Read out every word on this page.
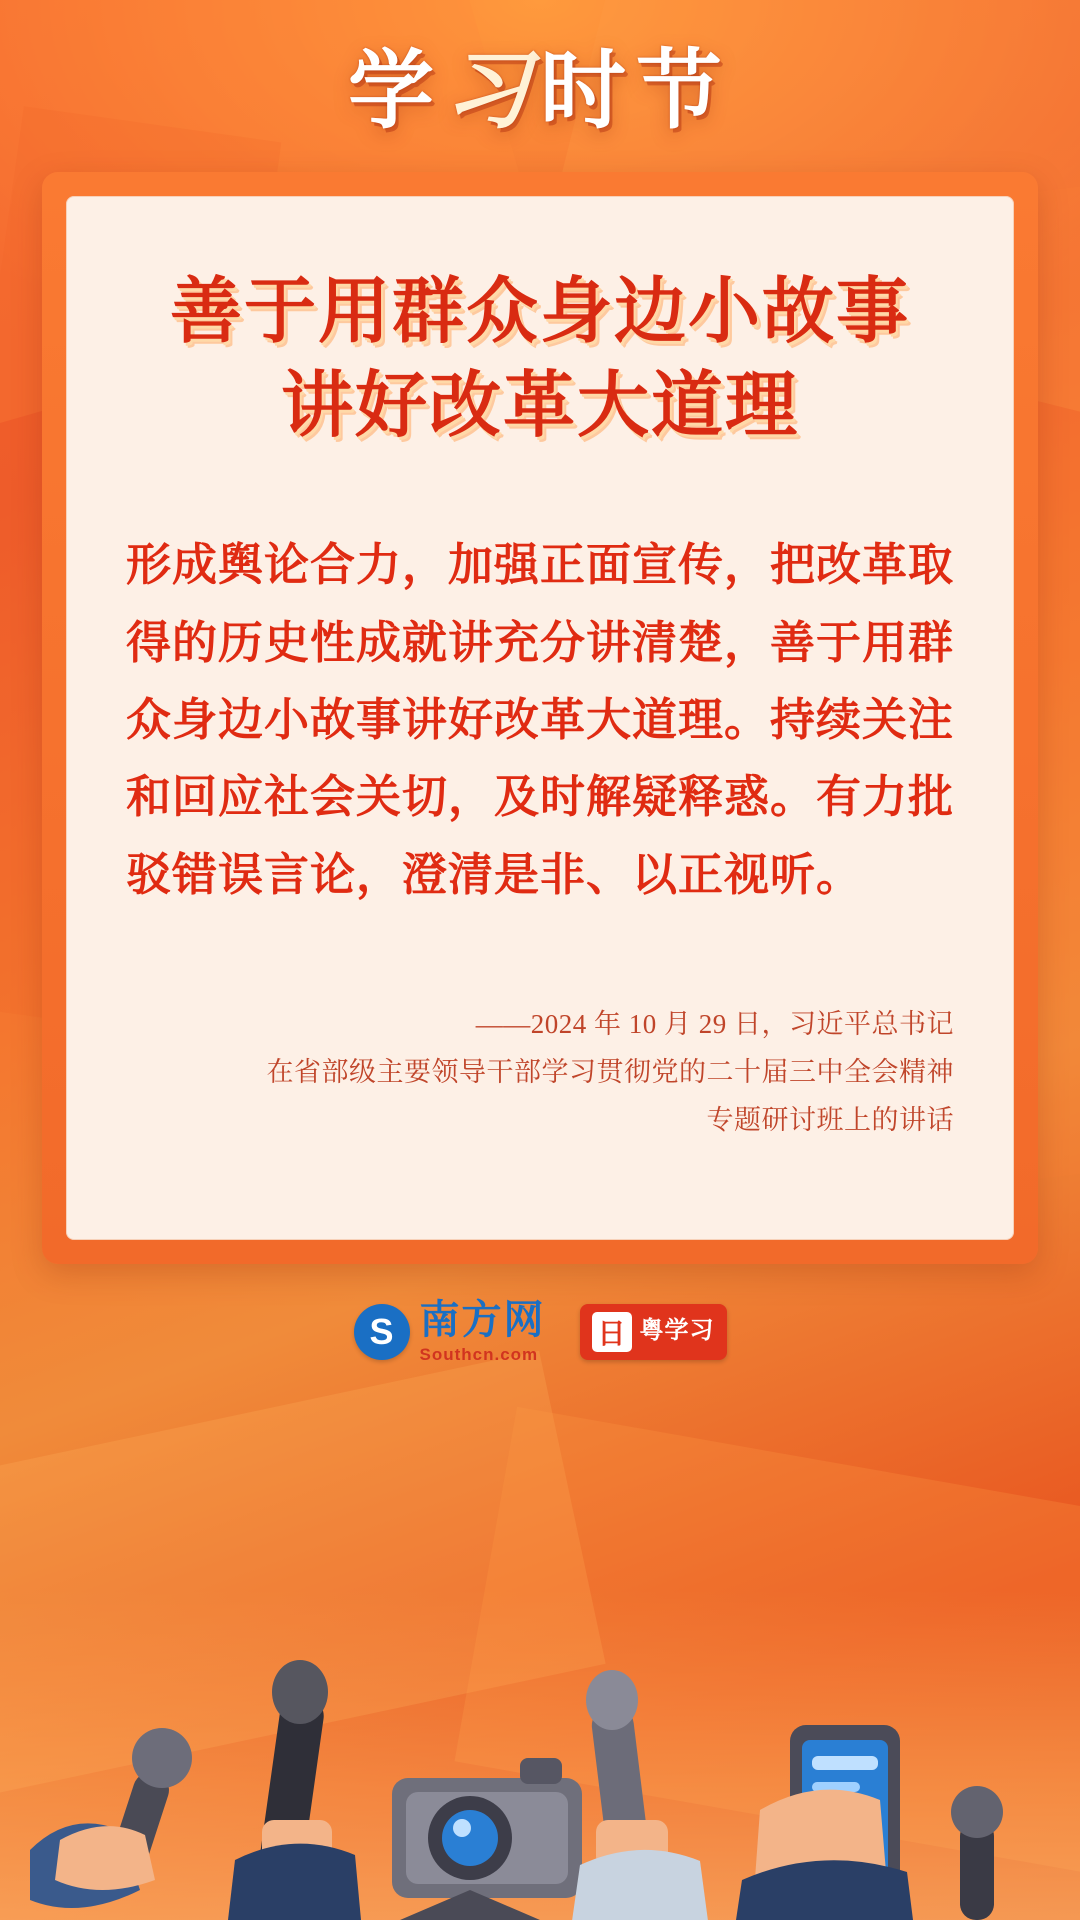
学习时节
善于用群众身边小故事
讲好改革大道理
形成舆论合力，加强正面宣传，把改革取得的历史性成就讲充分讲清楚，善于用群众身边小故事讲好改革大道理。持续关注和回应社会关切，及时解疑释惑。有力批驳错误言论，澄清是非、以正视听。
——2024 年 10 月 29 日，习近平总书记
在省部级主要领导干部学习贯彻党的二十届三中全会精神
专题研讨班上的讲话
S 南方网
Southcn.com
日 粤学习
